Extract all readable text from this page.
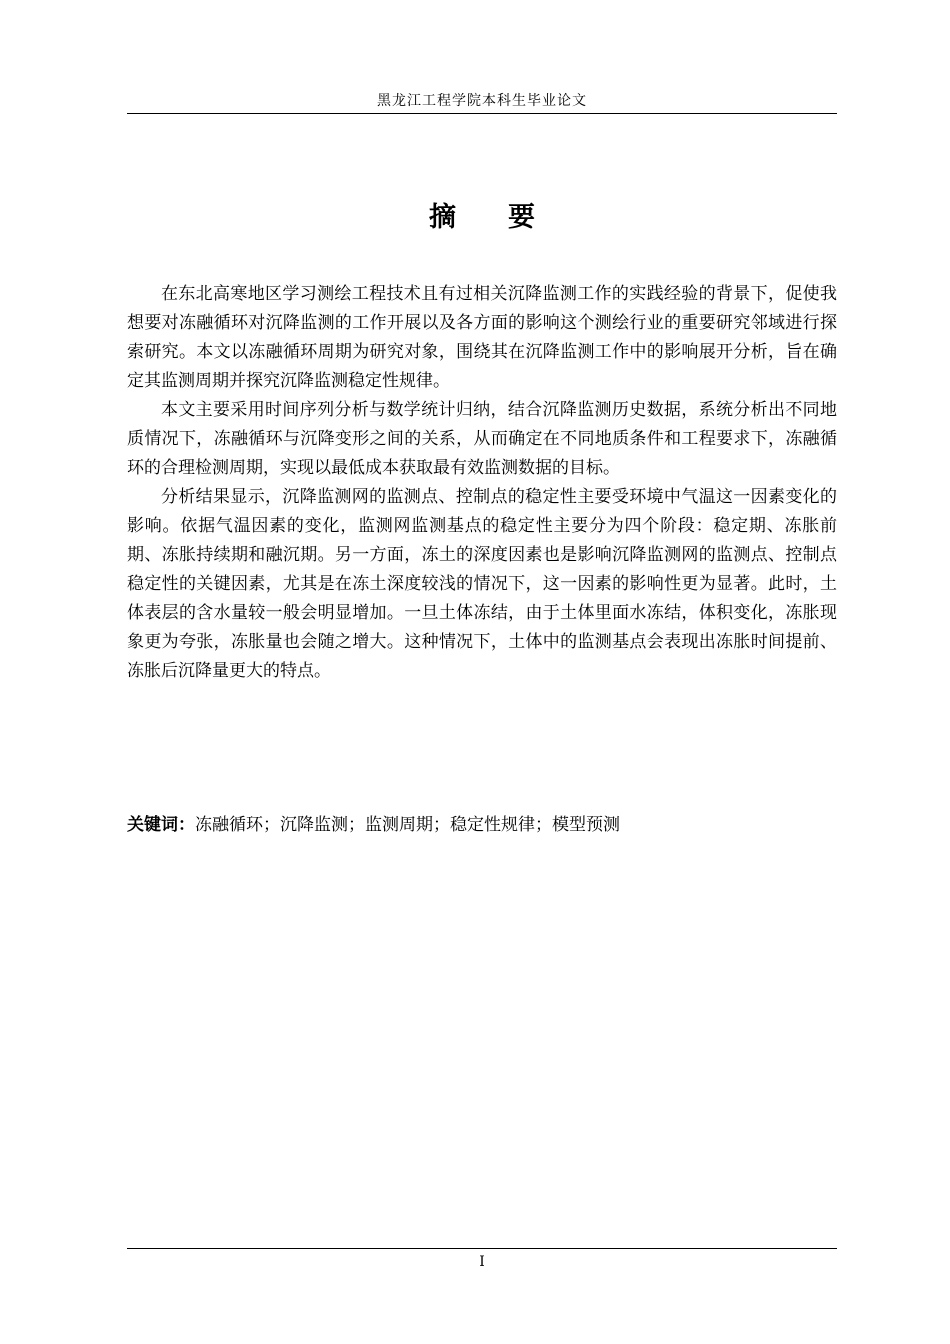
黑龙江工程学院本科生毕业论文
摘 要

在东北高寒地区学习测绘工程技术且有过相关沉降监测工作的实践经验的背景下，促使我想要对冻融循环对沉降监测的工作开展以及各方面的影响这个测绘行业的重要研究邻域进行探索研究。本文以冻融循环周期为研究对象，围绕其在沉降监测工作中的影响展开分析，旨在确定其监测周期并探究沉降监测稳定性规律。

本文主要采用时间序列分析与数学统计归纳，结合沉降监测历史数据，系统分析出不同地质情况下，冻融循环与沉降变形之间的关系，从而确定在不同地质条件和工程要求下，冻融循环的合理检测周期，实现以最低成本获取最有效监测数据的目标。

分析结果显示，沉降监测网的监测点、控制点的稳定性主要受环境中气温这一因素变化的影响。依据气温因素的变化，监测网监测基点的稳定性主要分为四个阶段：稳定期、冻胀前期、冻胀持续期和融沉期。另一方面，冻土的深度因素也是影响沉降监测网的监测点、控制点稳定性的关键因素，尤其是在冻土深度较浅的情况下，这一因素的影响性更为显著。此时，土体表层的含水量较一般会明显增加。一旦土体冻结，由于土体里面水冻结，体积变化，冻胀现象更为夸张，冻胀量也会随之增大。这种情况下，土体中的监测基点会表现出冻胀时间提前、冻胀后沉降量更大的特点。

关键词：冻融循环；沉降监测；监测周期；稳定性规律；模型预测
I
